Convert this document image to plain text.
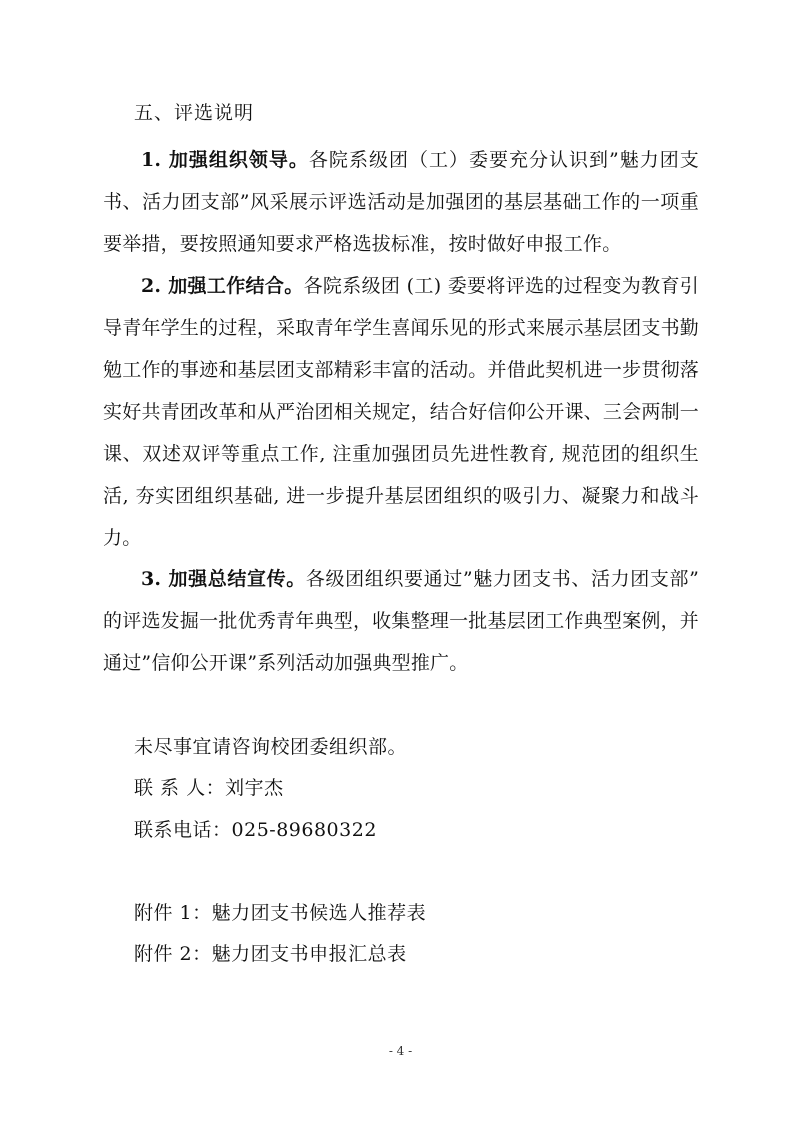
五、评选说明
1. 加强组织领导。各院系级团（工）委要充分认识到”魅力团支书、活力团支部”风采展示评选活动是加强团的基层基础工作的一项重要举措，要按照通知要求严格选拔标准，按时做好申报工作。
2. 加强工作结合。各院系级团 (工) 委要将评选的过程变为教育引导青年学生的过程，采取青年学生喜闻乐见的形式来展示基层团支书勤勉工作的事迹和基层团支部精彩丰富的活动。并借此契机进一步贯彻落实好共青团改革和从严治团相关规定，结合好信仰公开课、三会两制一课、双述双评等重点工作, 注重加强团员先进性教育, 规范团的组织生活, 夯实团组织基础, 进一步提升基层团组织的吸引力、凝聚力和战斗力。
3. 加强总结宣传。各级团组织要通过”魅力团支书、活力团支部” 的评选发掘一批优秀青年典型，收集整理一批基层团工作典型案例，并通过”信仰公开课”系列活动加强典型推广。
未尽事宜请咨询校团委组织部。
联 系 人：刘宇杰
联系电话：025-89680322
附件 1：魅力团支书候选人推荐表
附件 2：魅力团支书申报汇总表
- 4 -
